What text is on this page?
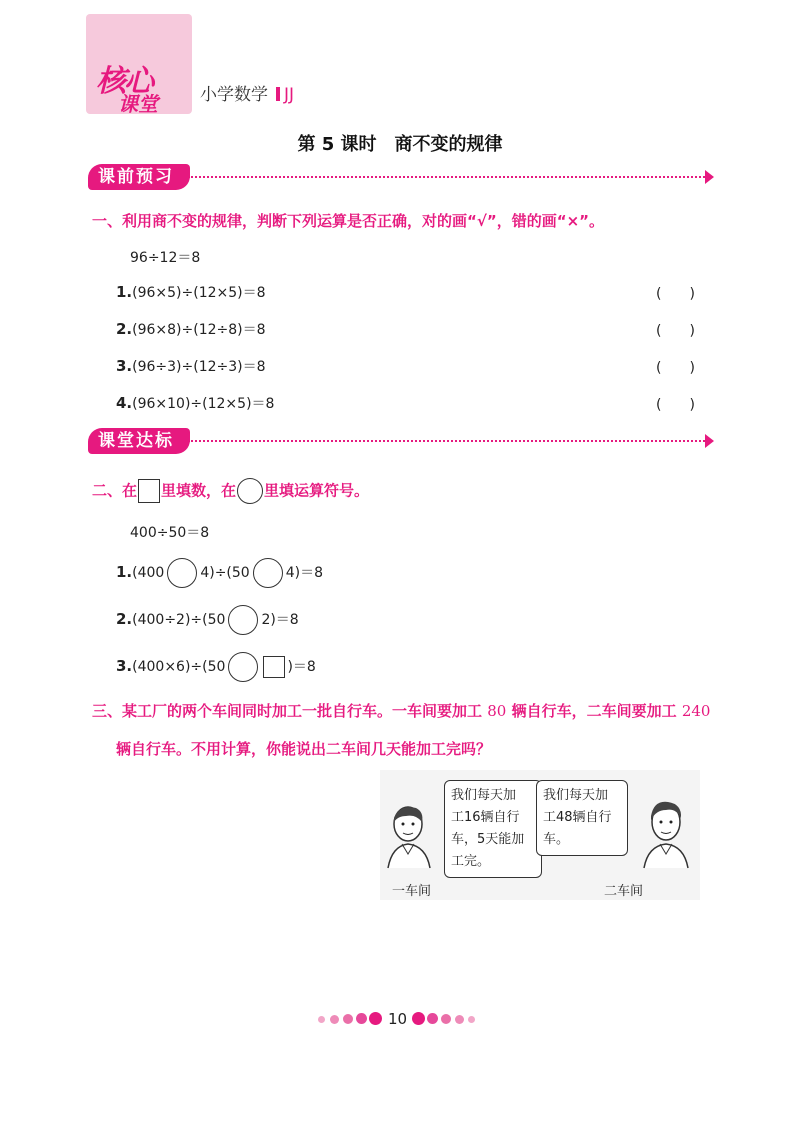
核心
课堂 小学数学 JJ
第 5 课时　商不变的规律
课前预习
一、利用商不变的规律，判断下列运算是否正确，对的画“√”，错的画“×”。
96÷12＝8
1.(96×5)÷(12×5)＝8	(　　)
2.(96×8)÷(12÷8)＝8	(　　)
3.(96÷3)÷(12÷3)＝8	(　　)
4.(96×10)÷(12×5)＝8	(　　)
课堂达标
二、在 里填数，在 里填运算符号。
400÷50＝8
1.(400	4)÷(50	4)＝8
2.(400÷2)÷(50	2)＝8
3.(400×6)÷(50	)＝8
三、某工厂的两个车间同时加工一批自行车。一车间要加工 80 辆自行车，二车间要加工 240
辆自行车。不用计算，你能说出二车间几天能加工完吗？
我们每天加
工16辆自行
车，5天能加
工完。
我们每天加
工48辆自行
车。
一车间	二车间
10
